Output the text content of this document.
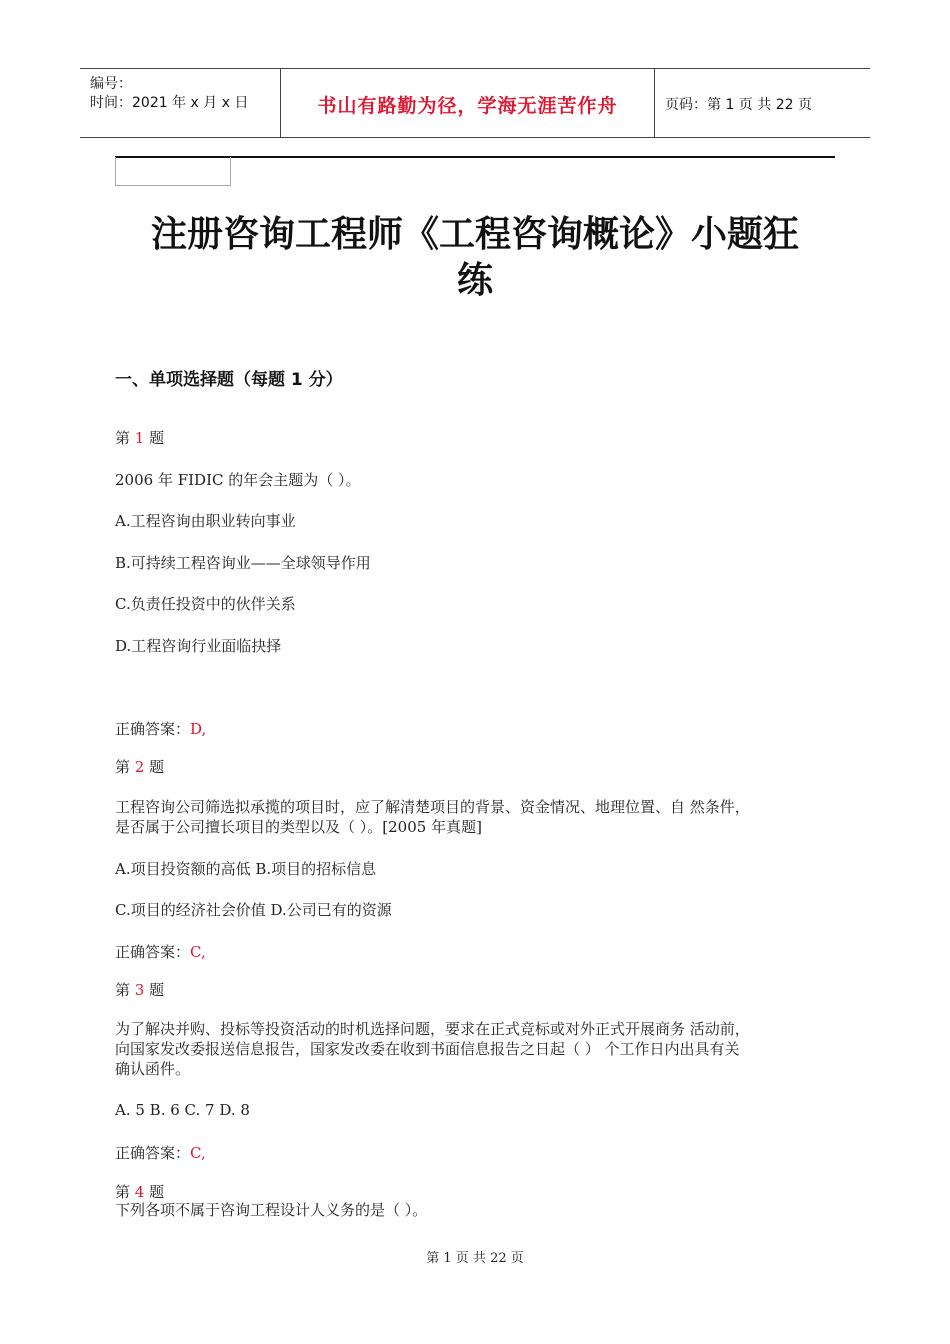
编号：
时间：2021 年 x 月 x 日	书山有路勤为径，学海无涯苦作舟	页码：第 1 页 共 22 页
注册咨询工程师《工程咨询概论》小题狂
练
一、单项选择题（每题 1 分）
第 1 题
2006 年 FIDIC 的年会主题为（ ）。
A.工程咨询由职业转向事业
B.可持续工程咨询业——全球领导作用
C.负责任投资中的伙伴关系
D.工程咨询行业面临抉择
正确答案：D,
第 2 题
工程咨询公司筛选拟承揽的项目时，应了解清楚项目的背景、资金情况、地理位置、自 然条件，
是否属于公司擅长项目的类型以及（ ）。[2005 年真题]
A.项目投资额的高低 B.项目的招标信息
C.项目的经济社会价值 D.公司已有的资源
正确答案：C,
第 3 题
为了解决并购、投标等投资活动的时机选择问题，要求在正式竞标或对外正式开展商务 活动前，
向国家发改委报送信息报告，国家发改委在收到书面信息报告之日起（ ） 个工作日内出具有关
确认函件。
A. 5 B. 6 C. 7 D. 8
正确答案：C,
第 4 题
下列各项不属于咨询工程设计人义务的是（ ）。
第 1 页 共 22 页
